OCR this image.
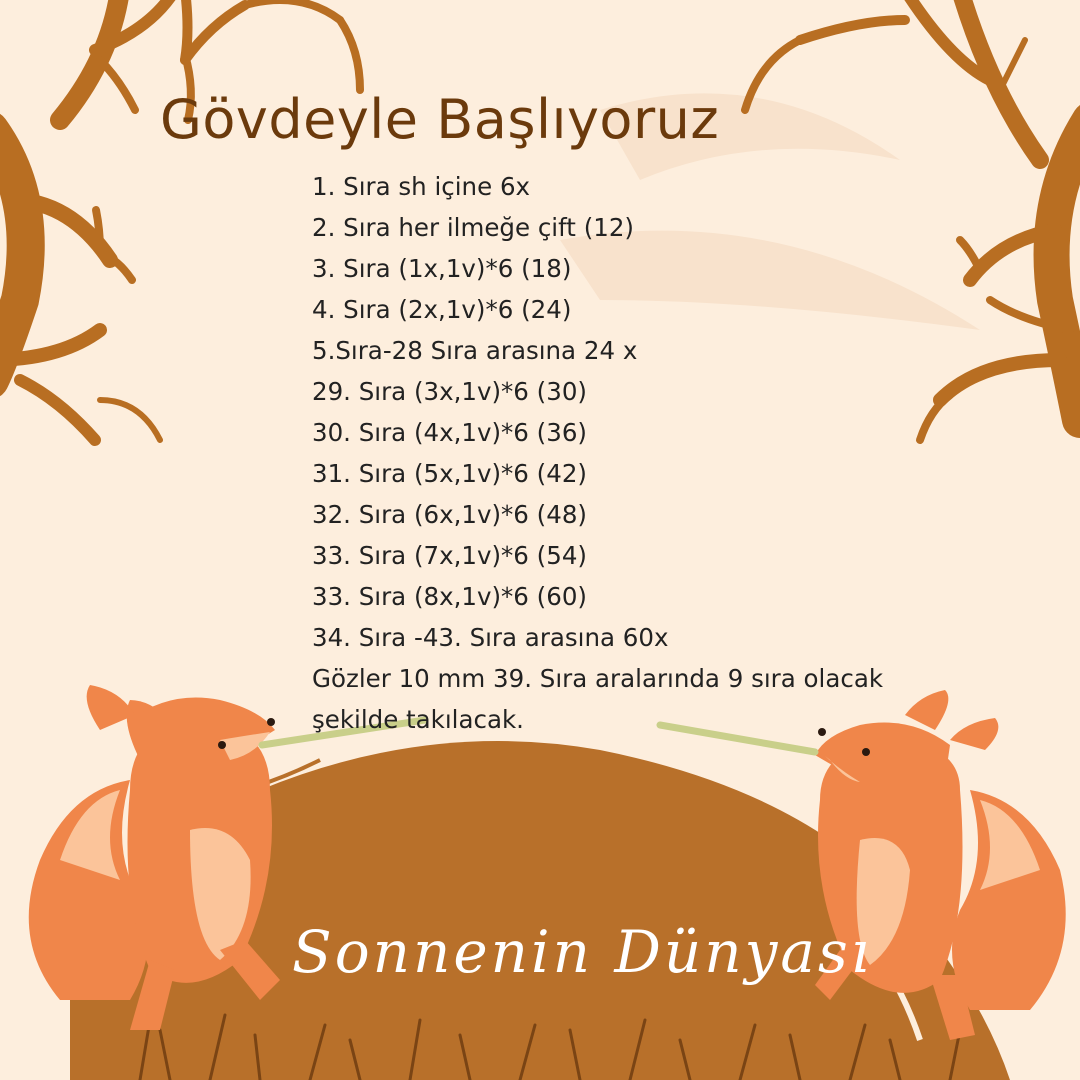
Gövdeyle Başlıyoruz
1. Sıra sh içine 6x
2. Sıra her ilmeğe çift (12)
3. Sıra (1x,1v)*6 (18)
4. Sıra (2x,1v)*6 (24)
5.Sıra-28 Sıra arasına 24 x
29. Sıra (3x,1v)*6 (30)
30. Sıra (4x,1v)*6 (36)
31. Sıra (5x,1v)*6 (42)
32. Sıra (6x,1v)*6 (48)
33. Sıra (7x,1v)*6 (54)
33. Sıra (8x,1v)*6 (60)
34. Sıra -43. Sıra arasına 60x
Gözler 10 mm 39. Sıra aralarında 9 sıra olacak
şekilde takılacak.
Sonnenin Dünyası
